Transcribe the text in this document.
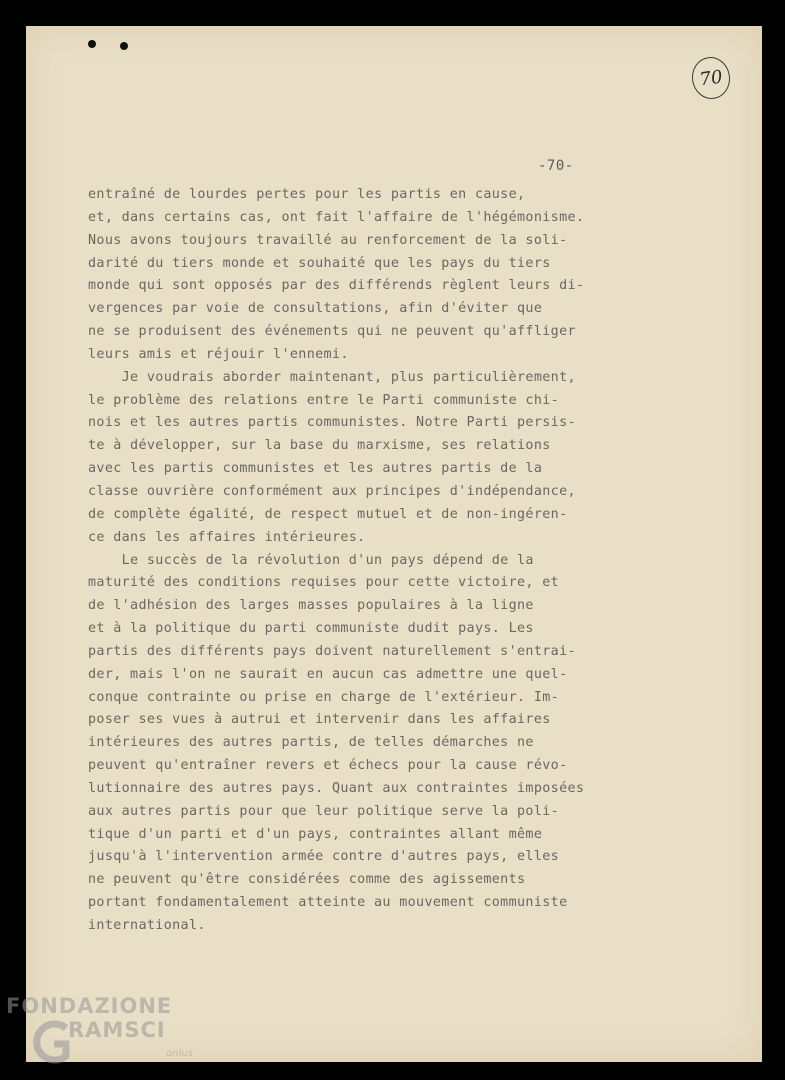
70
-70-
entraîné de lourdes pertes pour les partis en cause,
et, dans certains cas, ont fait l'affaire de l'hégémonisme.
Nous avons toujours travaillé au renforcement de la soli-
darité du tiers monde et souhaité que les pays du tiers
monde qui sont opposés par des différends règlent leurs di-
vergences par voie de consultations, afin d'éviter que
ne se produisent des événements qui ne peuvent qu'affliger
leurs amis et réjouir l'ennemi.
Je voudrais aborder maintenant, plus particulièrement,
le problème des relations entre le Parti communiste chi-
nois et les autres partis communistes. Notre Parti persis-
te à développer, sur la base du marxisme, ses relations
avec les partis communistes et les autres partis de la
classe ouvrière conformément aux principes d'indépendance,
de complète égalité, de respect mutuel et de non-ingéren-
ce dans les affaires intérieures.
Le succès de la révolution d'un pays dépend de la
maturité des conditions requises pour cette victoire, et
de l'adhésion des larges masses populaires à la ligne
et à la politique du parti communiste dudit pays. Les
partis des différents pays doivent naturellement s'entrai-
der, mais l'on ne saurait en aucun cas admettre une quel-
conque contrainte ou prise en charge de l'extérieur. Im-
poser ses vues à autrui et intervenir dans les affaires
intérieures des autres partis, de telles démarches ne
peuvent qu'entraîner revers et échecs pour la cause révo-
lutionnaire des autres pays. Quant aux contraintes imposées
aux autres partis pour que leur politique serve la poli-
tique d'un parti et d'un pays, contraintes allant même
jusqu'à l'intervention armée contre d'autres pays, elles
ne peuvent qu'être considérées comme des agissements
portant fondamentalement atteinte au mouvement communiste
international.
FONDAZIONE
RAMSCI
onlus
